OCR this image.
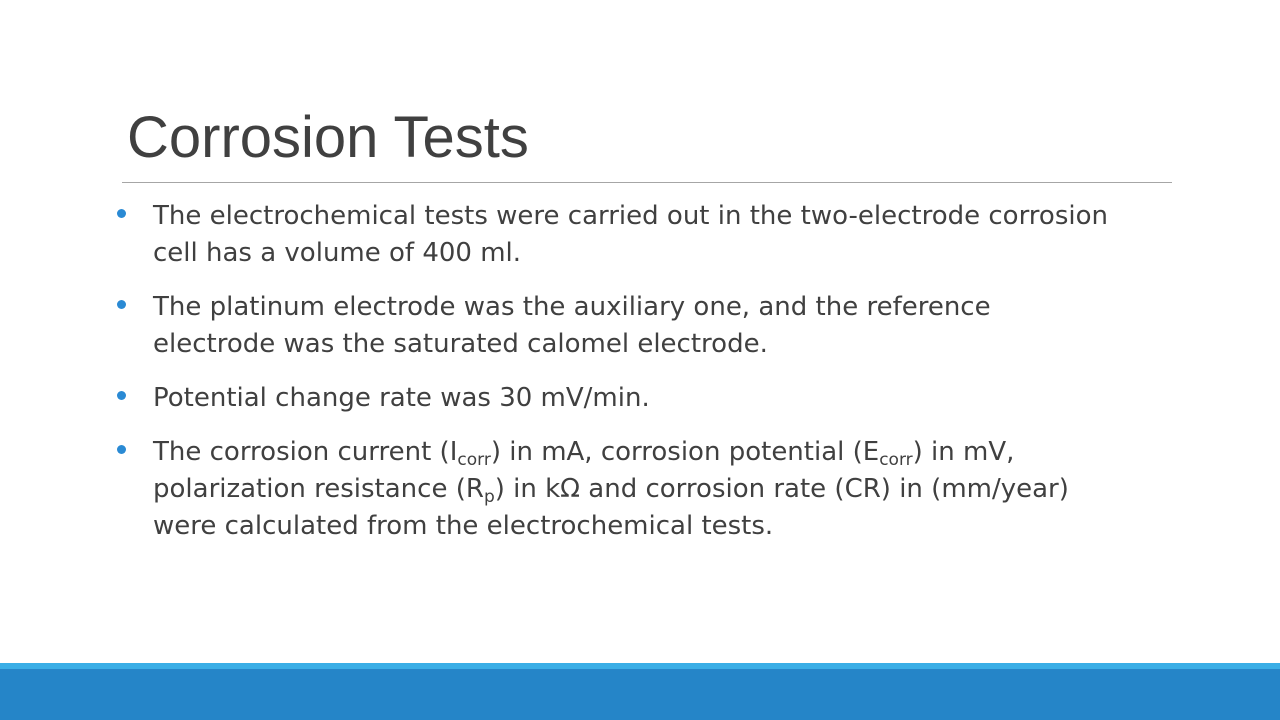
Corrosion Tests
The electrochemical tests were carried out in the two-electrode corrosion cell has a volume of 400 ml.
The platinum electrode was the auxiliary one, and the reference electrode was the saturated calomel electrode.
Potential change rate was 30 mV/min.
The corrosion current $(I_{corr})$ in mA, corrosion potential $(E_{corr})$ in mV, polarization resistance $(R_p)$ in kΩ and corrosion rate (CR) in (mm/year) were calculated from the electrochemical tests.
